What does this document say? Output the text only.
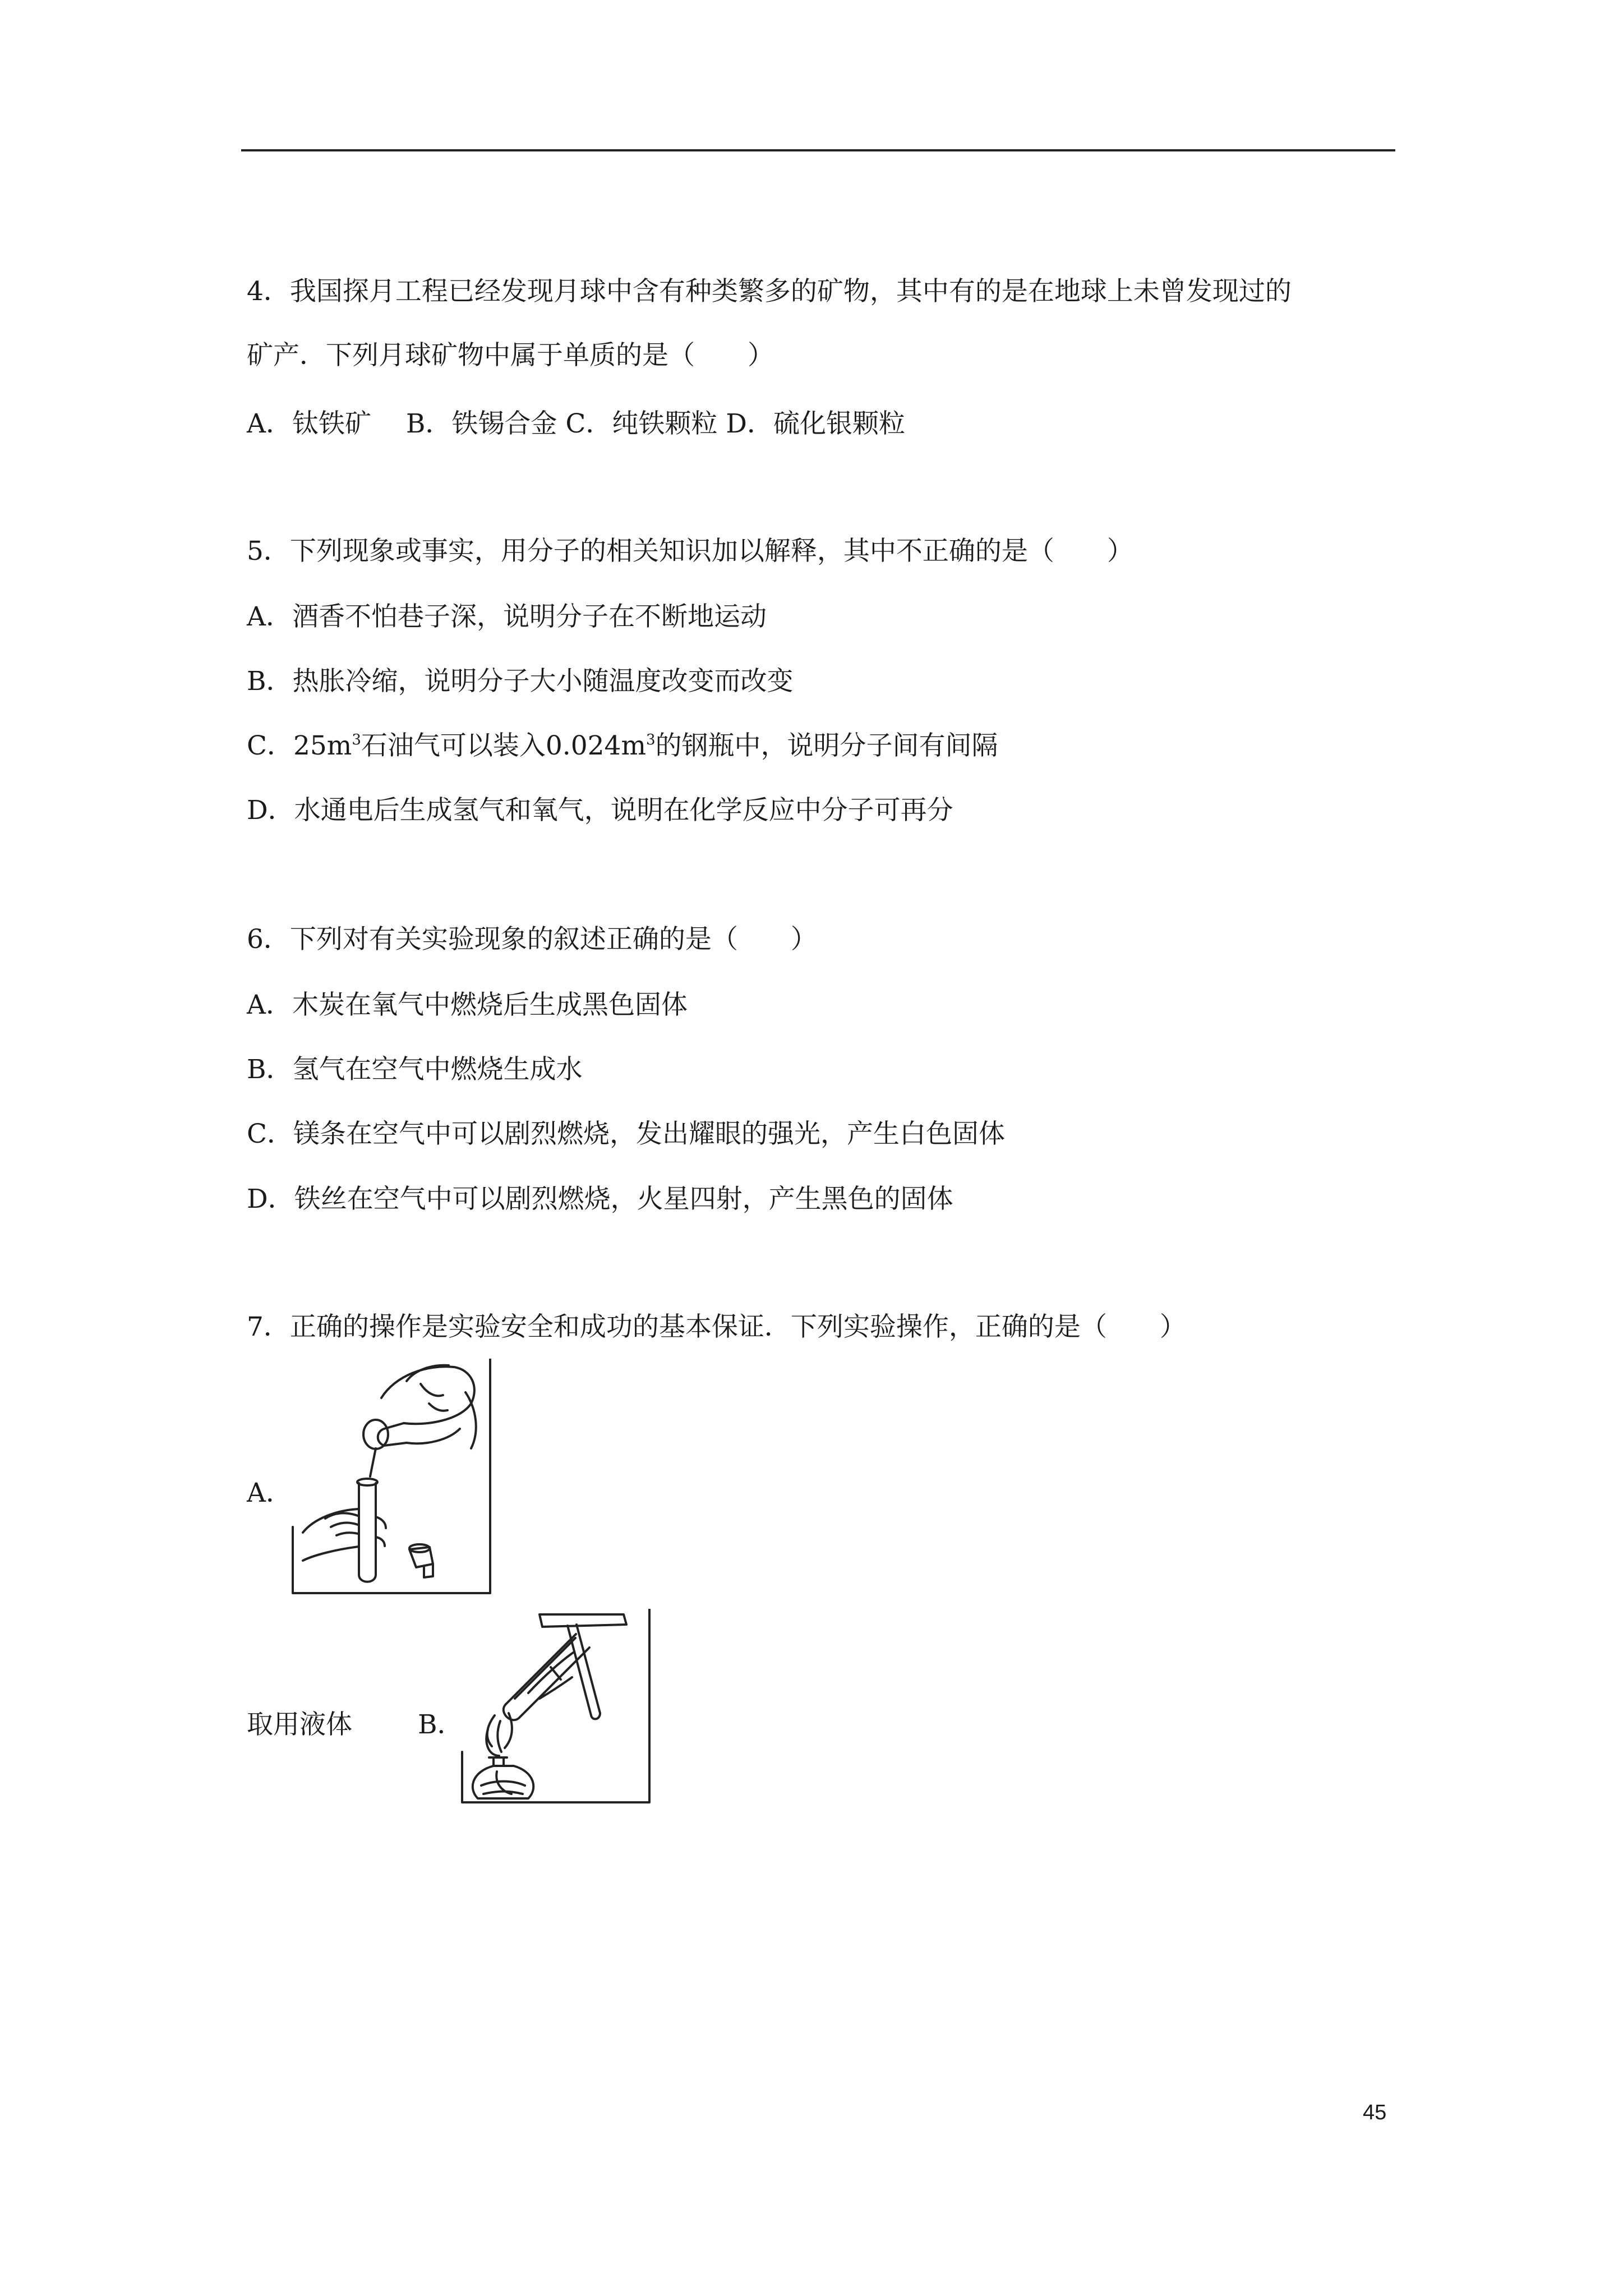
4．我国探月工程已经发现月球中含有种类繁多的矿物，其中有的是在地球上未曾发现过的
矿产．下列月球矿物中属于单质的是（　　）
A．钛铁矿　 B．铁锡合金 C．纯铁颗粒 D．硫化银颗粒
5．下列现象或事实，用分子的相关知识加以解释，其中不正确的是（　　）
A．酒香不怕巷子深，说明分子在不断地运动
B．热胀冷缩，说明分子大小随温度改变而改变
C．$25m^3$石油气可以装入$0.024m^3$的钢瓶中，说明分子间有间隔
D．水通电后生成氢气和氧气，说明在化学反应中分子可再分
6．下列对有关实验现象的叙述正确的是（　　）
A．木炭在氧气中燃烧后生成黑色固体
B．氢气在空气中燃烧生成水
C．镁条在空气中可以剧烈燃烧，发出耀眼的强光，产生白色固体
D．铁丝在空气中可以剧烈燃烧，火星四射，产生黑色的固体
7．正确的操作是实验安全和成功的基本保证．下列实验操作，正确的是（　　）
A．
取用液体 B．
45
